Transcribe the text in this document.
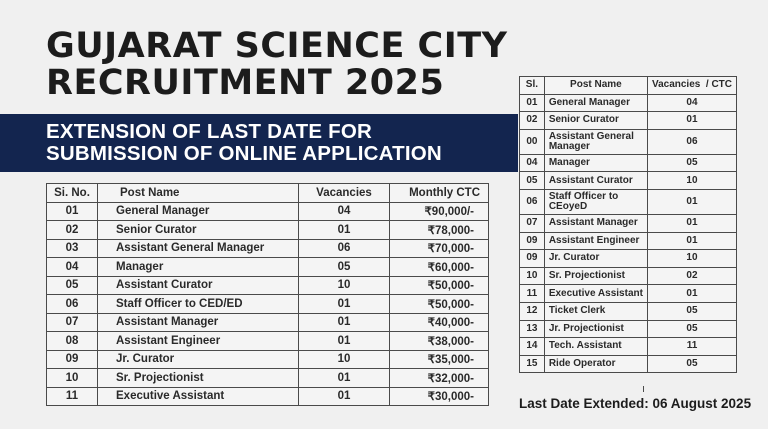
GUJARAT SCIENCE CITY
RECRUITMENT 2025
EXTENSION OF LAST DATE FOR
SUBMISSION OF ONLINE APPLICATION
Si. No.	Post Name	Vacancies	Monthly CTC
01	General Manager	04	₹90,000/-
02	Senior Curator	01	₹78,000-
03	Assistant General Manager	06	₹70,000-
04	Manager	05	₹60,000-
05	Assistant Curator	10	₹50,000-
06	Staff Officer to CED/ED	01	₹50,000-
07	Assistant Manager	01	₹40,000-
08	Assistant Engineer	01	₹38,000-
09	Jr. Curator	10	₹35,000-
10	Sr. Projectionist	01	₹32,000-
11	Executive Assistant	01	₹30,000-
Sl.	Post Name	Vacancies  / CTC
01	General Manager	04
02	Senior Curator	01
00	Assistant General Manager	06
04	Manager	05
05	Assistant Curator	10
06	Staff Officer to CEoyeD	01
07	Assistant Manager	01
09	Assistant Engineer	01
09	Jr. Curator	10
10	Sr. Projectionist	02
11	Executive Assistant	01
12	Ticket Clerk	05
13	Jr. Projectionist	05
14	Tech. Assistant	11
15	Ride Operator	05

Last Date Extended: 06 August 2025
